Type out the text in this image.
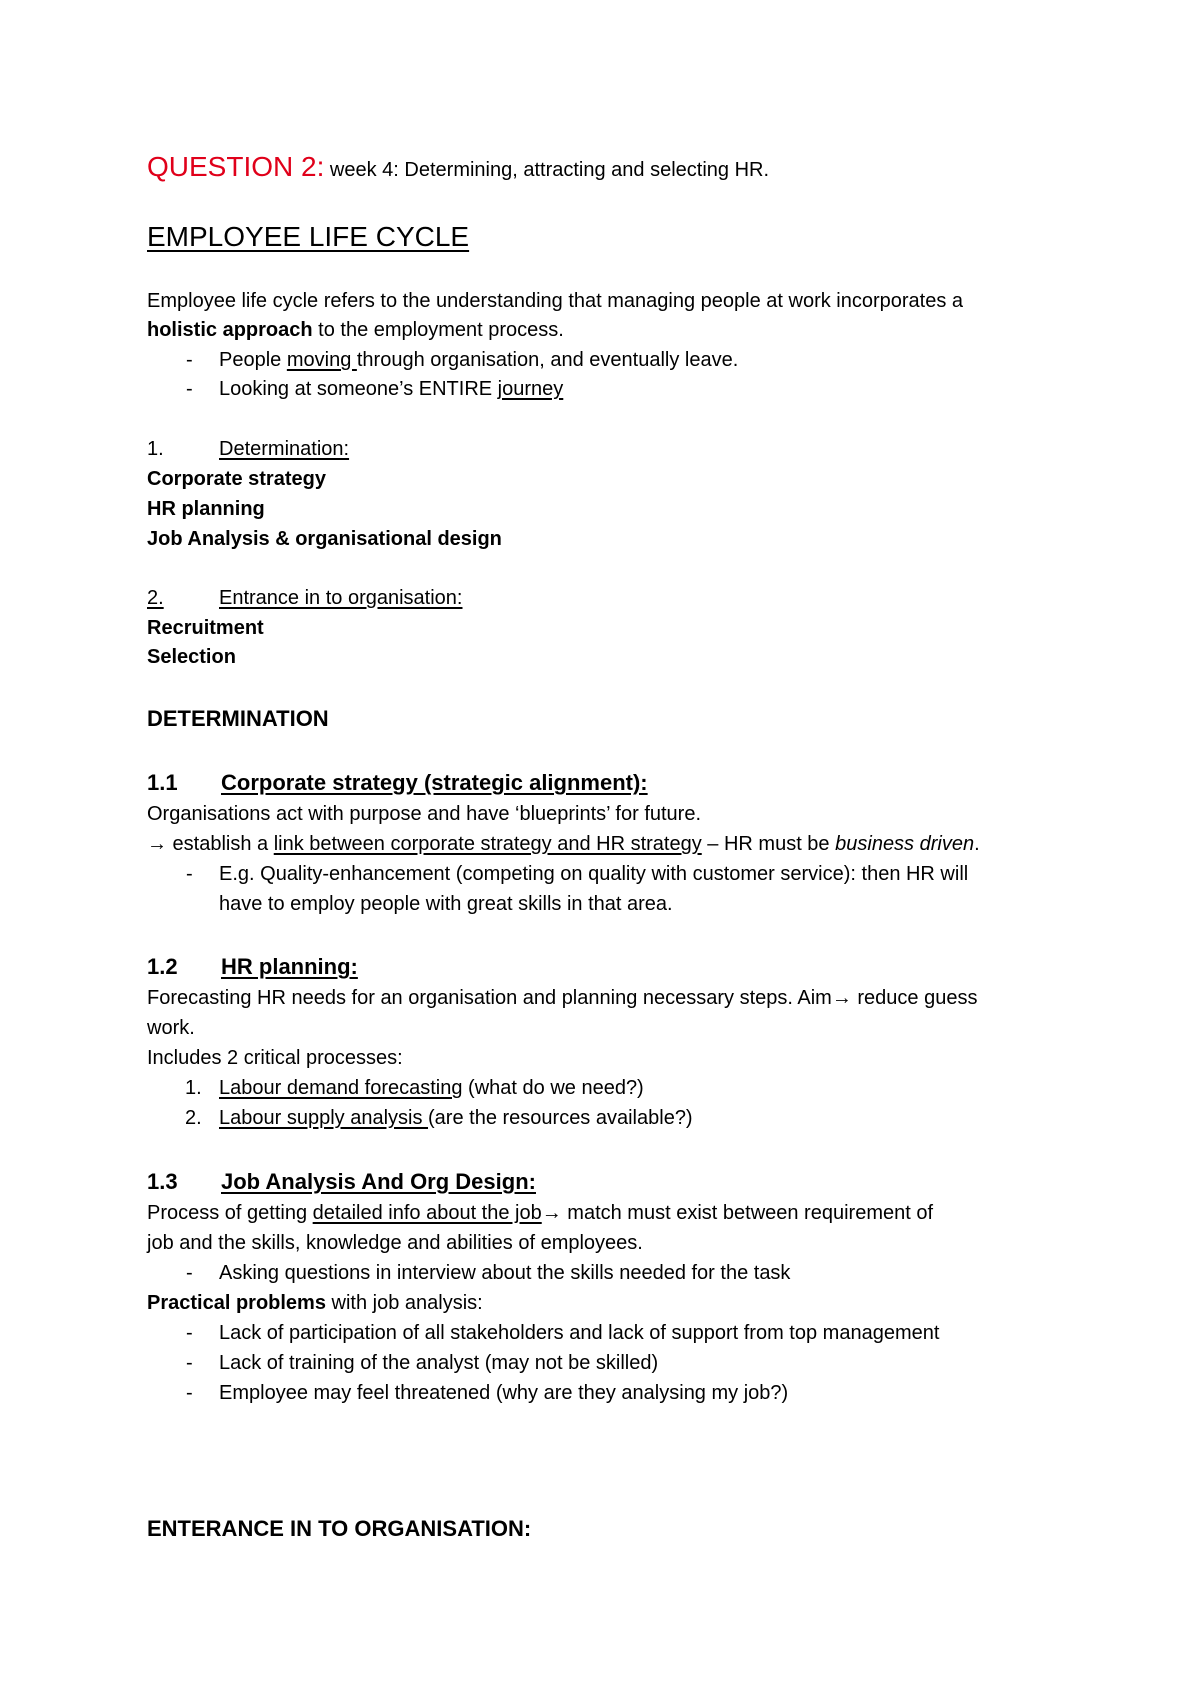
QUESTION 2: week 4: Determining, attracting and selecting HR.
EMPLOYEE LIFE CYCLE
Employee life cycle refers to the understanding that managing people at work incorporates a
holistic approach to the employment process.
- People moving through organisation, and eventually leave.
- Looking at someone’s ENTIRE journey
1.	Determination:
Corporate strategy
HR planning
Job Analysis & organisational design
2.	Entrance in to organisation:
Recruitment
Selection
DETERMINATION
1.1 Corporate strategy (strategic alignment):
Organisations act with purpose and have ‘blueprints’ for future.
→ establish a link between corporate strategy and HR strategy – HR must be business driven.
- E.g. Quality-enhancement (competing on quality with customer service): then HR will
have to employ people with great skills in that area.
1.2 HR planning:
Forecasting HR needs for an organisation and planning necessary steps. Aim→ reduce guess
work.
Includes 2 critical processes:
1. Labour demand forecasting (what do we need?)
2. Labour supply analysis (are the resources available?)
1.3 Job Analysis And Org Design:
Process of getting detailed info about the job→ match must exist between requirement of
job and the skills, knowledge and abilities of employees.
- Asking questions in interview about the skills needed for the task
Practical problems with job analysis:
- Lack of participation of all stakeholders and lack of support from top management
- Lack of training of the analyst (may not be skilled)
- Employee may feel threatened (why are they analysing my job?)
ENTERANCE IN TO ORGANISATION:
